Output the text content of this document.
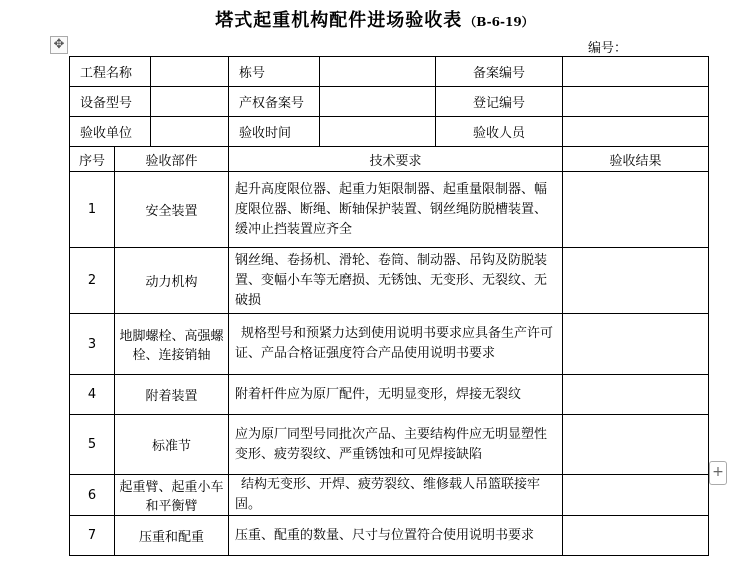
塔式起重机构配件进场验收表 （B-6-19）
✥	编号：
+
工程名称			栋号		备案编号	
设备型号			产权备案号		登记编号	
验收单位			验收时间		验收人员	
序号	验收部件		技术要求			验收结果
1	安全装置		起升高度限位器、起重力矩限制器、起重量限制器、幅度限位器、断绳、断轴保护装置、钢丝绳防脱槽装置、缓冲止挡装置应齐全			
2	动力机构		钢丝绳、卷扬机、滑轮、卷筒、制动器、吊钩及防脱装置、变幅小车等无磨损、无锈蚀、无变形、无裂纹、无破损			
3	地脚螺栓、高强螺栓、连接销轴		规格型号和预紧力达到使用说明书要求应具备生产许可证、产品合格证强度符合产品使用说明书要求			
4	附着装置		附着杆件应为原厂配件，无明显变形，焊接无裂纹			
5	标准节		应为原厂同型号同批次产品、主要结构件应无明显塑性变形、疲劳裂纹、严重锈蚀和可见焊接缺陷			
6	起重臂、起重小车和平衡臂		结构无变形、开焊、疲劳裂纹、维修载人吊篮联接牢固。			
7	压重和配重		压重、配重的数量、尺寸与位置符合使用说明书要求			
